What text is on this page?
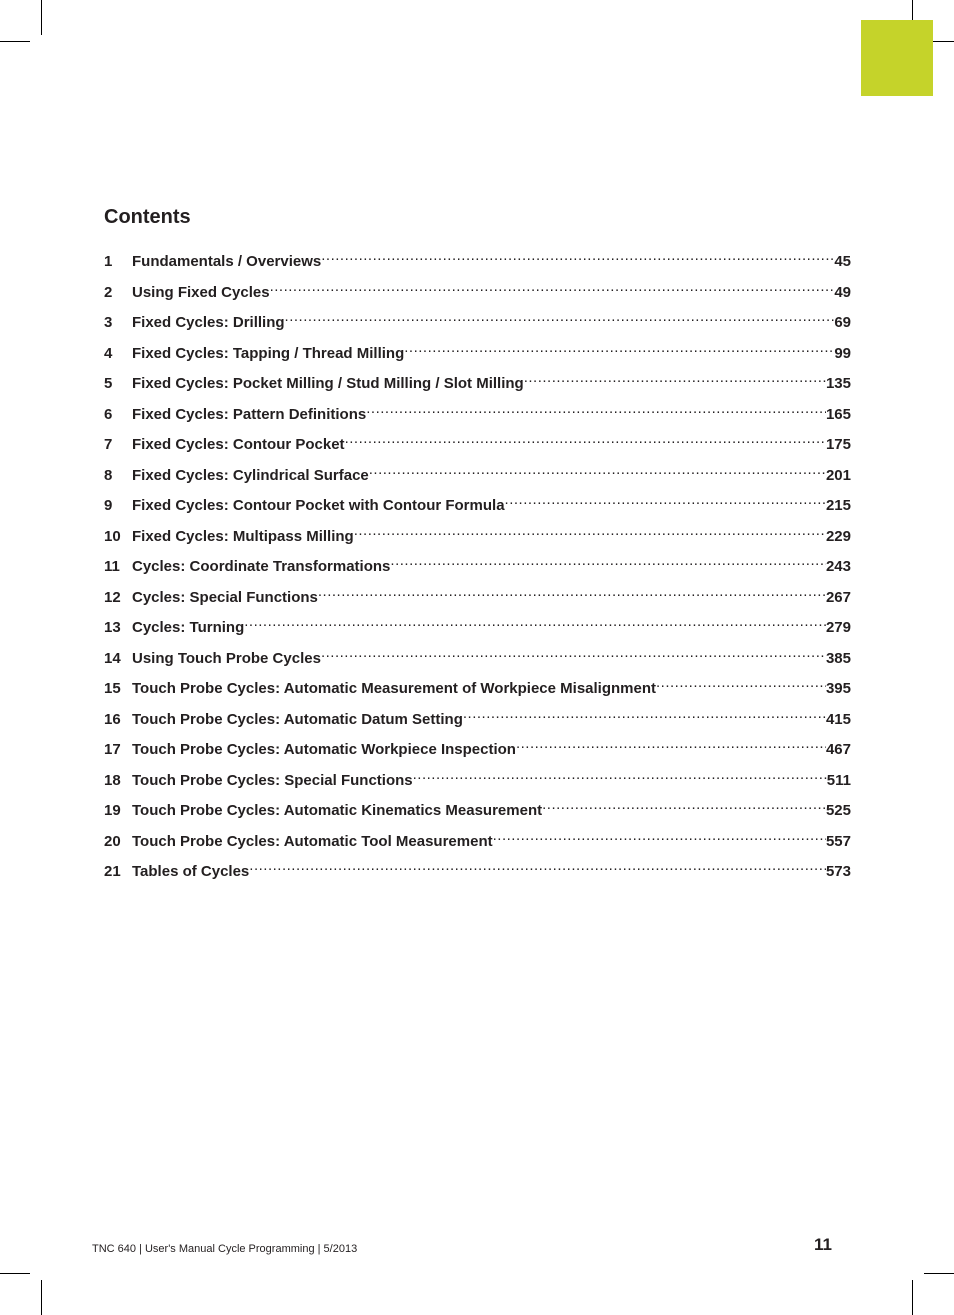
Contents
1	Fundamentals / Overviews .....	45
2	Using Fixed Cycles .....	49
3	Fixed Cycles: Drilling .....	69
4	Fixed Cycles: Tapping / Thread Milling .....	99
5	Fixed Cycles: Pocket Milling / Stud Milling / Slot Milling .....	135
6	Fixed Cycles: Pattern Definitions .....	165
7	Fixed Cycles: Contour Pocket .....	175
8	Fixed Cycles: Cylindrical Surface .....	201
9	Fixed Cycles: Contour Pocket with Contour Formula .....	215
10 Fixed Cycles: Multipass Milling .....	229
11 Cycles: Coordinate Transformations .....	243
12 Cycles: Special Functions .....	267
13 Cycles: Turning .....	279
14 Using Touch Probe Cycles .....	385
15 Touch Probe Cycles: Automatic Measurement of Workpiece Misalignment .....	395
16 Touch Probe Cycles: Automatic Datum Setting .....	415
17 Touch Probe Cycles: Automatic Workpiece Inspection .....	467
18 Touch Probe Cycles: Special Functions .....	511
19 Touch Probe Cycles: Automatic Kinematics Measurement .....	525
20 Touch Probe Cycles: Automatic Tool Measurement .....	557
21 Tables of Cycles .....	573
TNC 640 | User's Manual Cycle Programming | 5/2013	11
